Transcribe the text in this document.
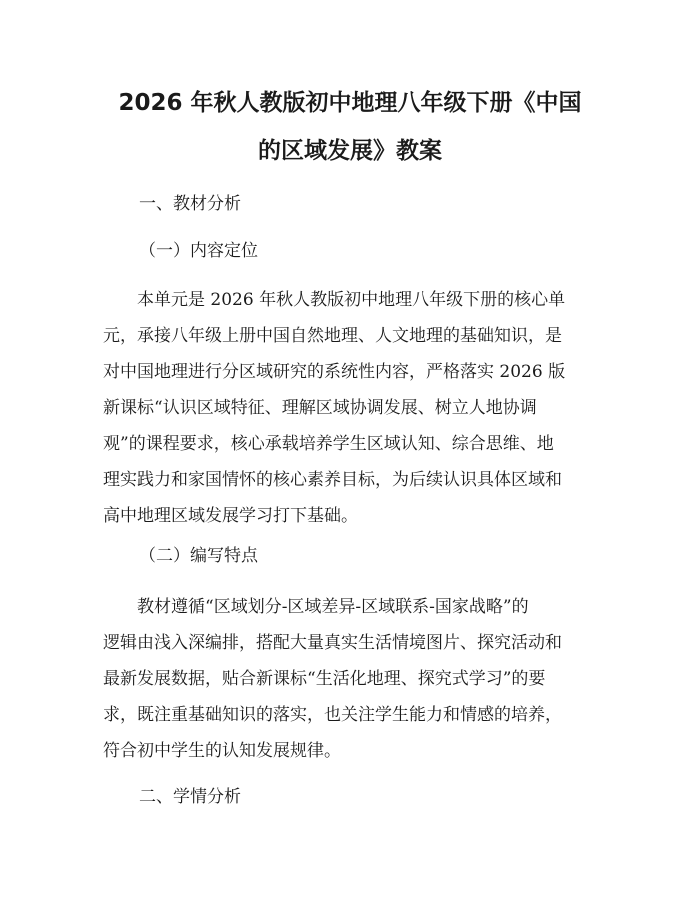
2026 年秋人教版初中地理八年级下册《中国
的区域发展》教案

一、教材分析

（一）内容定位

　　本单元是 2026 年秋人教版初中地理八年级下册的核心单
元，承接八年级上册中国自然地理、人文地理的基础知识，是
对中国地理进行分区域研究的系统性内容，严格落实 2026 版
新课标“认识区域特征、理解区域协调发展、树立人地协调
观”的课程要求，核心承载培养学生区域认知、综合思维、地
理实践力和家国情怀的核心素养目标，为后续认识具体区域和
高中地理区域发展学习打下基础。

（二）编写特点

　　教材遵循“区域划分-区域差异-区域联系-国家战略”的
逻辑由浅入深编排，搭配大量真实生活情境图片、探究活动和
最新发展数据，贴合新课标“生活化地理、探究式学习”的要
求，既注重基础知识的落实，也关注学生能力和情感的培养，
符合初中学生的认知发展规律。

二、学情分析
